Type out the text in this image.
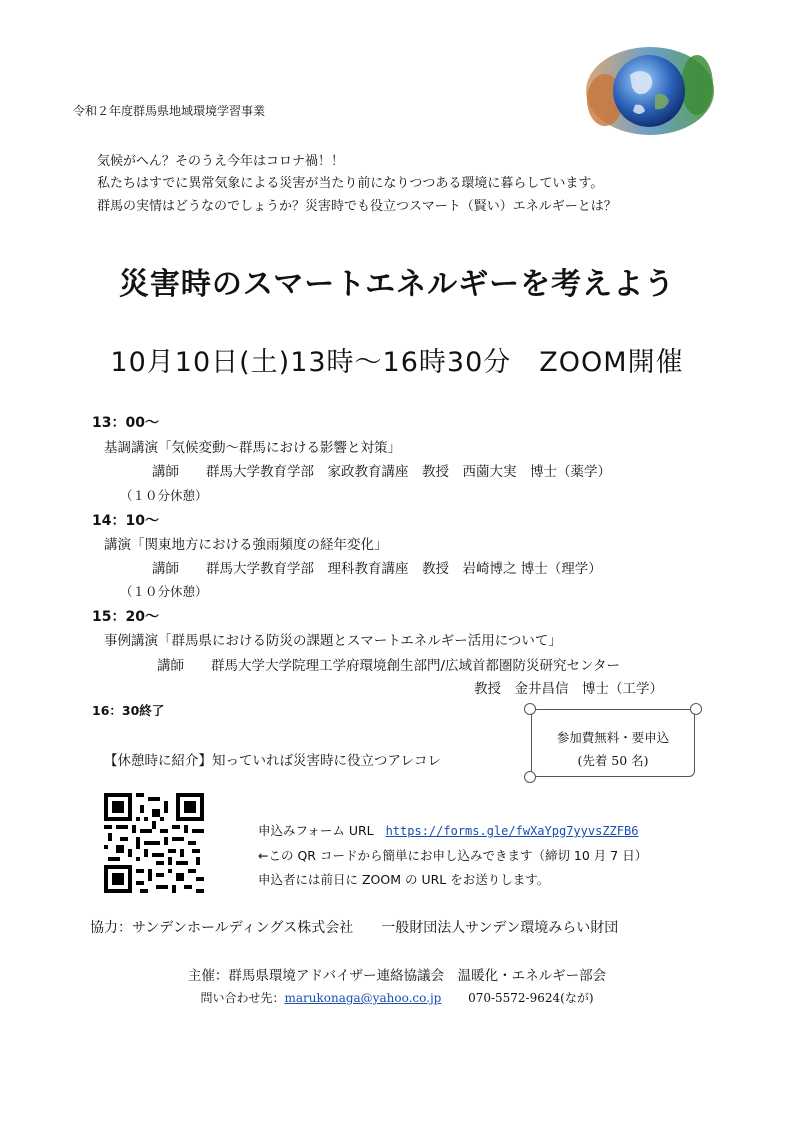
令和２年度群馬県地域環境学習事業
気候がへん？そのうえ今年はコロナ禍！！
私たちはすでに異常気象による災害が当たり前になりつつある環境に暮らしています。
群馬の実情はどうなのでしょうか？災害時でも役立つスマート（賢い）エネルギーとは？
災害時のスマートエネルギーを考えよう
10月10日(土)13時～16時30分　ZOOM開催
13：00～
基調講演「気候変動～群馬における影響と対策」
講師　　群馬大学教育学部　家政教育講座　教授　西薗大実　博士（薬学）
（１０分休憩）
14：10～
講演「関東地方における強雨頻度の経年変化」
講師　　群馬大学教育学部　理科教育講座　教授　岩崎博之 博士（理学）
（１０分休憩）
15：20～
事例講演「群馬県における防災の課題とスマートエネルギー活用について」
講師　　群馬大学大学院理工学府環境創生部門/広域首都圏防災研究センター
教授　金井昌信　博士（工学）
16：30終了
【休憩時に紹介】知っていれば災害時に役立つアレコレ
参加費無料・要申込
(先着 50 名)
申込みフォーム URL https://forms.gle/fwXaYpg7yyvsZZFB6
←この QR コードから簡単にお申し込みできます（締切 10 月 7 日）
申込者には前日に ZOOM の URL をお送りします。
協力：サンデンホールディングス株式会社　　一般財団法人サンデン環境みらい財団
主催：群馬県環境アドバイザー連絡協議会　温暖化・エネルギー部会
問い合わせ先：marukonaga@yahoo.co.jp 070-5572-9624(なが)
